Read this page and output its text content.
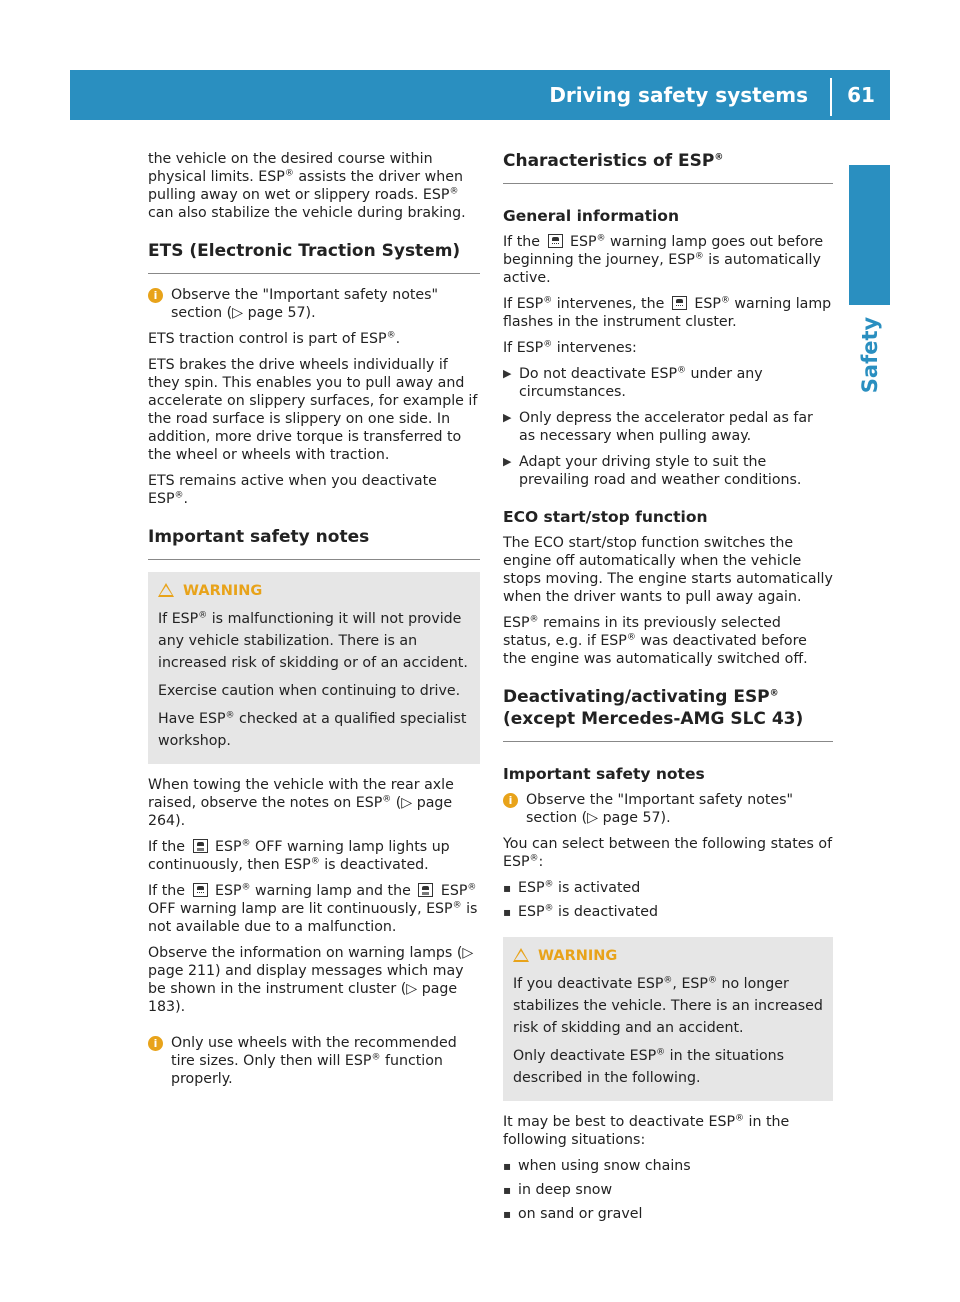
Driving safety systems	61
Safety

the vehicle on the desired course within physical limits. ESP® assists the driver when pulling away on wet or slippery roads. ESP® can also stabilize the vehicle during braking.

ETS (Electronic Traction System)
i Observe the "Important safety notes" section (▷ page 57).

ETS traction control is part of ESP®.

ETS brakes the drive wheels individually if they spin. This enables you to pull away and accelerate on slippery surfaces, for example if the road surface is slippery on one side. In addition, more drive torque is transferred to the wheel or wheels with traction.

ETS remains active when you deactivate ESP®.

Important safety notes
WARNING

If ESP® is malfunctioning it will not provide any vehicle stabilization. There is an increased risk of skidding or of an accident.

Exercise caution when continuing to drive.

Have ESP® checked at a qualified specialist workshop.

When towing the vehicle with the rear axle raised, observe the notes on ESP® (▷ page 264).

If the ESP® OFF warning lamp lights up continuously, then ESP® is deactivated.

If the ESP® warning lamp and the ESP® OFF warning lamp are lit continuously, ESP® is not available due to a malfunction.

Observe the information on warning lamps (▷ page 211) and display messages which may be shown in the instrument cluster (▷ page 183).

i Only use wheels with the recommended tire sizes. Only then will ESP® function properly.
Characteristics of ESP®
General information

If the ESP® warning lamp goes out before beginning the journey, ESP® is automatically active.

If ESP® intervenes, the ESP® warning lamp flashes in the instrument cluster.

If ESP® intervenes:

▶ Do not deactivate ESP® under any circumstances.
▶ Only depress the accelerator pedal as far as necessary when pulling away.
▶ Adapt your driving style to suit the prevailing road and weather conditions.
ECO start/stop function

The ECO start/stop function switches the engine off automatically when the vehicle stops moving. The engine starts automatically when the driver wants to pull away again.

ESP® remains in its previously selected status, e.g. if ESP® was deactivated before the engine was automatically switched off.

Deactivating/activating ESP® (except Mercedes-AMG SLC 43)
Important safety notes
i Observe the "Important safety notes" section (▷ page 57).

You can select between the following states of ESP®:

▪ ESP® is activated
▪ ESP® is deactivated
WARNING

If you deactivate ESP®, ESP® no longer stabilizes the vehicle. There is an increased risk of skidding and an accident.

Only deactivate ESP® in the situations described in the following.

It may be best to deactivate ESP® in the following situations:

▪ when using snow chains
▪ in deep snow
▪ on sand or gravel
